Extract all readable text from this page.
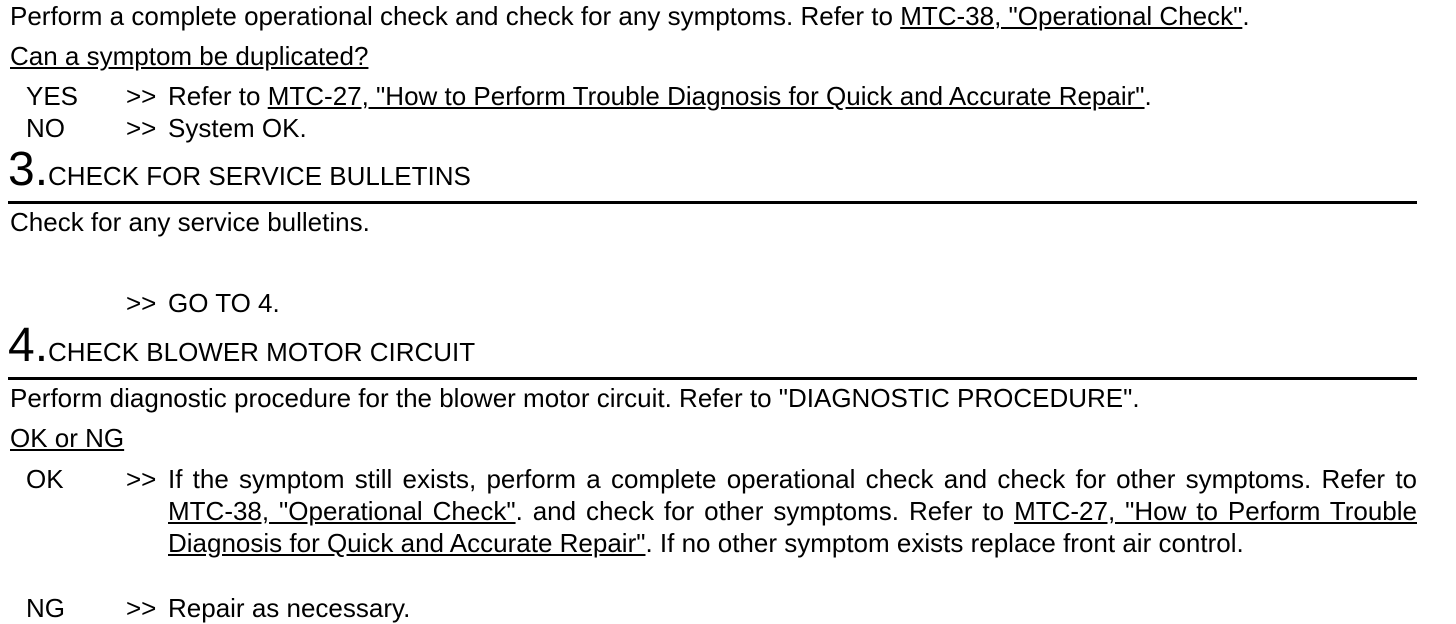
Perform a complete operational check and check for any symptoms. Refer to MTC-38, "Operational Check".
Can a symptom be duplicated?
YES >> Refer to MTC-27, "How to Perform Trouble Diagnosis for Quick and Accurate Repair".
NO >> System OK.
3.CHECK FOR SERVICE BULLETINS
Check for any service bulletins.
>> GO TO 4.
4.CHECK BLOWER MOTOR CIRCUIT
Perform diagnostic procedure for the blower motor circuit. Refer to "DIAGNOSTIC PROCEDURE".
OK or NG
OK >> If the symptom still exists, perform a complete operational check and check for other symptoms. Refer to MTC-38, "Operational Check". and check for other symptoms. Refer to MTC-27, "How to Perform Trouble Diagnosis for Quick and Accurate Repair". If no other symptom exists replace front air control.
NG >> Repair as necessary.
